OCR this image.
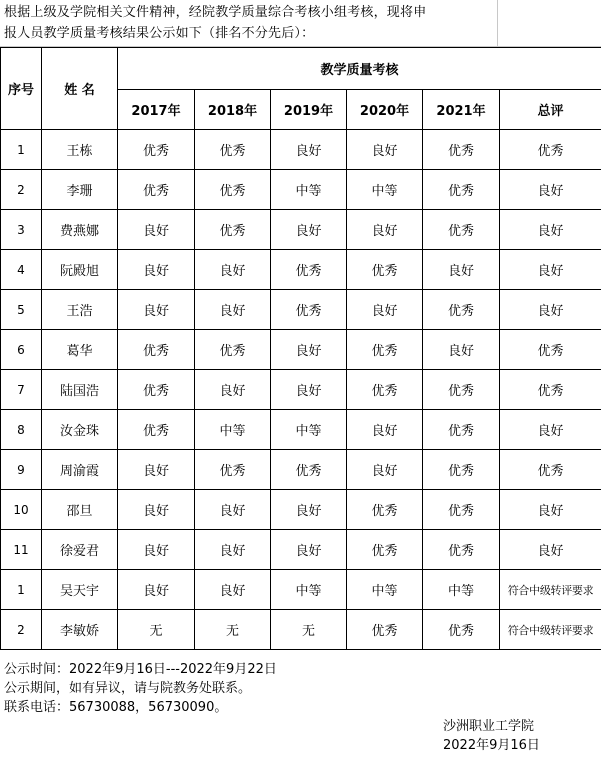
根据上级及学院相关文件精神，经院教学质量综合考核小组考核，现将申
报人员教学质量考核结果公示如下（排名不分先后）：
序号	姓 名	教学质量考核					
		2017年	2018年	2019年	2020年	2021年	总评
1	王栋	优秀	优秀	良好	良好	优秀	优秀
2	李珊	优秀	优秀	中等	中等	优秀	良好
3	费燕娜	良好	优秀	良好	良好	优秀	良好
4	阮殿旭	良好	良好	优秀	优秀	良好	良好
5	王浩	良好	良好	优秀	良好	优秀	良好
6	葛华	优秀	优秀	良好	优秀	良好	优秀
7	陆国浩	优秀	良好	良好	优秀	优秀	优秀
8	汝金珠	优秀	中等	中等	良好	优秀	良好
9	周渝霞	良好	优秀	优秀	良好	优秀	优秀
10	邵旦	良好	良好	良好	优秀	优秀	良好
11	徐爱君	良好	良好	良好	优秀	优秀	良好
1	吴天宇	良好	良好	中等	中等	中等	符合中级转评要求
2	李敏娇	无	无	无	优秀	优秀	符合中级转评要求
公示时间：2022年9月16日---2022年9月22日
公示期间，如有异议，请与院教务处联系。
联系电话：56730088，56730090。
沙洲职业工学院
2022年9月16日
